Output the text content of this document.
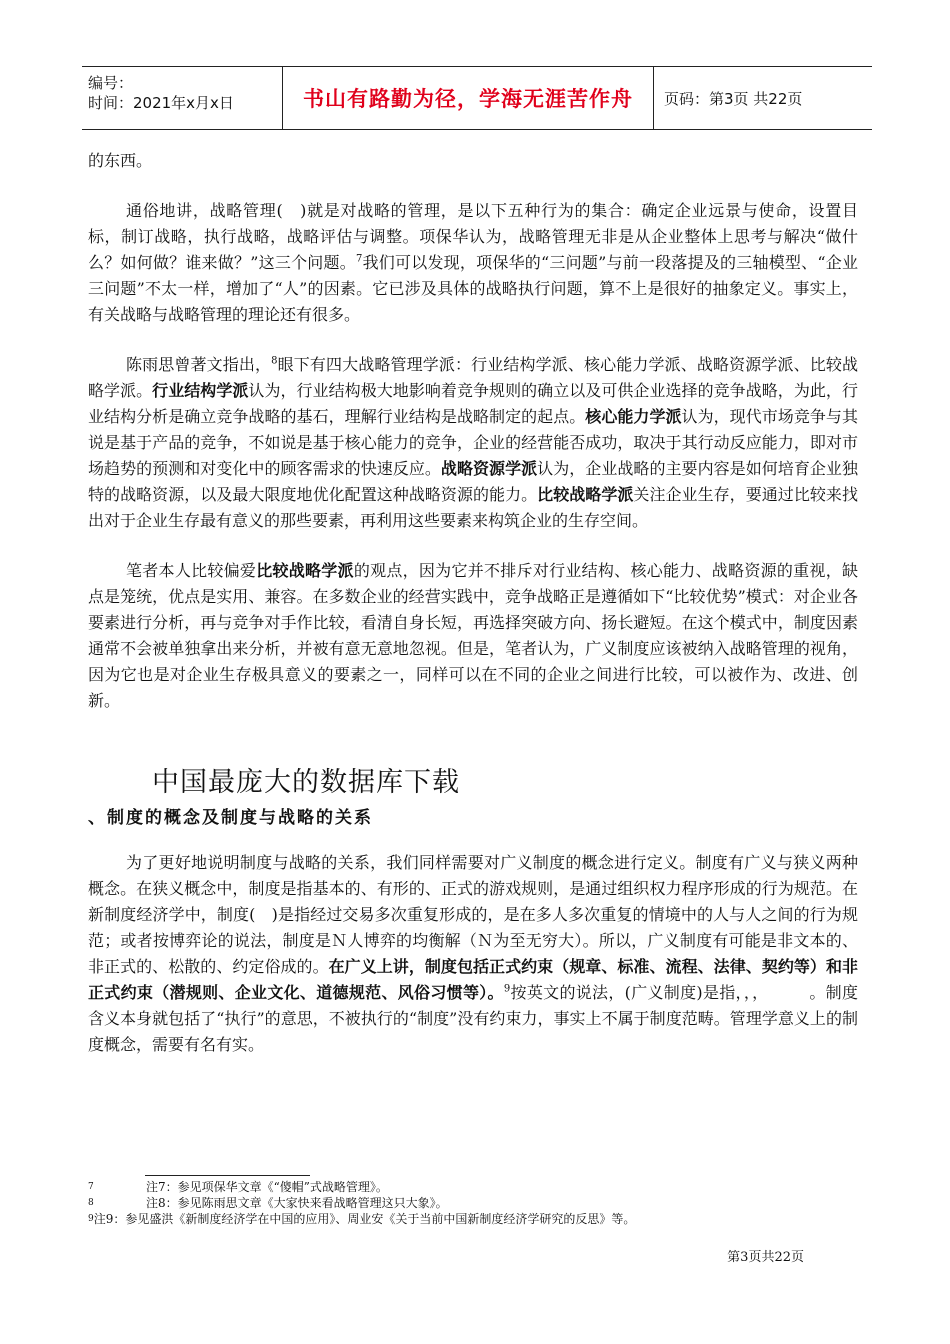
编号：
时间：2021年x月x日	书山有路勤为径，学海无涯苦作舟	页码：第3页 共22页

的东西。

通俗地讲，战略管理(　)就是对战略的管理，是以下五种行为的集合：确定企业远景与使命，设置目标，制订战略，执行战略，战略评估与调整。项保华认为，战略管理无非是从企业整体上思考与解决“做什么？如何做？谁来做？”这三个问题。$^7$我们可以发现，项保华的“三问题”与前一段落提及的三轴模型、“企业三问题”不太一样，增加了“人”的因素。它已涉及具体的战略执行问题，算不上是很好的抽象定义。事实上，有关战略与战略管理的理论还有很多。

陈雨思曾著文指出，$^8$眼下有四大战略管理学派：行业结构学派、核心能力学派、战略资源学派、比较战略学派。行业结构学派认为，行业结构极大地影响着竞争规则的确立以及可供企业选择的竞争战略，为此，行业结构分析是确立竞争战略的基石，理解行业结构是战略制定的起点。核心能力学派认为，现代市场竞争与其说是基于产品的竞争，不如说是基于核心能力的竞争，企业的经营能否成功，取决于其行动反应能力，即对市场趋势的预测和对变化中的顾客需求的快速反应。战略资源学派认为，企业战略的主要内容是如何培育企业独特的战略资源，以及最大限度地优化配置这种战略资源的能力。比较战略学派关注企业生存，要通过比较来找出对于企业生存最有意义的那些要素，再利用这些要素来构筑企业的生存空间。

笔者本人比较偏爱比较战略学派的观点，因为它并不排斥对行业结构、核心能力、战略资源的重视，缺点是笼统，优点是实用、兼容。在多数企业的经营实践中，竞争战略正是遵循如下“比较优势”模式：对企业各要素进行分析，再与竞争对手作比较，看清自身长短，再选择突破方向、扬长避短。在这个模式中，制度因素通常不会被单独拿出来分析，并被有意无意地忽视。但是，笔者认为，广义制度应该被纳入战略管理的视角，因为它也是对企业生存极具意义的要素之一，同样可以在不同的企业之间进行比较，可以被作为、改进、创新。

中国最庞大的数据库下载
、制度的概念及制度与战略的关系

为了更好地说明制度与战略的关系，我们同样需要对广义制度的概念进行定义。制度有广义与狭义两种概念。在狭义概念中，制度是指基本的、有形的、正式的游戏规则，是通过组织权力程序形成的行为规范。在新制度经济学中，制度(　)是指经过交易多次重复形成的，是在多人多次重复的情境中的人与人之间的行为规范；或者按博弈论的说法，制度是Ｎ人博弈的均衡解（Ｎ为至无穷大）。所以，广义制度有可能是非文本的、非正式的、松散的、约定俗成的。在广义上讲，制度包括正式约束（规章、标准、流程、法律、契约等）和非正式约束（潜规则、企业文化、道德规范、风俗习惯等）。$^9$按英文的说法，(广义制度)是指，，，　　　。制度含义本身就包括了“执行”的意思，不被执行的“制度”没有约束力，事实上不属于制度范畴。管理学意义上的制度概念，需要有名有实。

7	注7：参见项保华文章《“傻帽”式战略管理》。
8	注8：参见陈雨思文章《大家快来看战略管理这只大象》。
9 注9：参见盛洪《新制度经济学在中国的应用》、周业安《关于当前中国新制度经济学研究的反思》等。
第3页共22页
